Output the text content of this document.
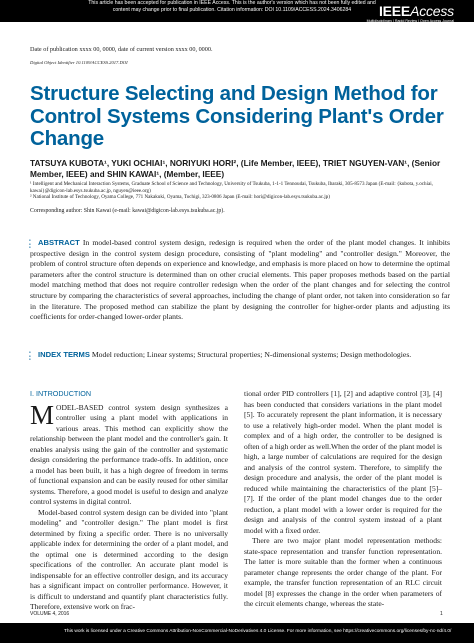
This article has been accepted for publication in IEEE Access. This is the author's version which has not been fully edited and
content may change prior to final publication. Citation information: DOI 10.1109/ACCESS.2024.3406284	IEEEAccess
Multidisciplinary | Rapid Review | Open Access Journal
Date of publication xxxx 00, 0000, date of current version xxxx 00, 0000.
Digital Object Identifier 10.1109/ACCESS.2017.DOI
Structure Selecting and Design Method for Control Systems Considering Plant's Order Change
TATSUYA KUBOTA¹, YUKI OCHIAI¹, NORIYUKI HORI², (Life Member, IEEE), TRIET NGUYEN-VAN¹, (Senior Member, IEEE) and SHIN KAWAI¹, (Member, IEEE)
¹ Intelligent and Mechanical Interaction Systems, Graduate School of Science and Technology, University of Tsukuba, 1-1-1 Tennoudai, Tsukuba, Ibaraki, 305-8573 Japan (E-mail: {kubota, y.ochiai, kawai}@digicon-lab.esys.tsukuba.ac.jp, nguyen@ieee.org)
² National Institute of Technology, Oyama College, 771 Nakakuki, Oyama, Tochigi, 323-0806 Japan (E-mail: hori@digicon-lab.esys.tsukuba.ac.jp)
Corresponding author: Shin Kawai (e-mail: kawai@digicon-lab.esys.tsukuba.ac.jp).
●
●
● ABSTRACT In model-based control system design, redesign is required when the order of the plant model changes. It inhibits prospective design in the control system design procedure, consisting of "plant modeling" and "controller design." Moreover, the problem of control structure often depends on experience and knowledge, and emphasis is more placed on how to determine the optimal parameters after the control structure is determined than on other crucial elements. This paper proposes methods based on the partial model matching method that does not require controller redesign when the order of the plant changes and for selecting the control structure by comparing the characteristics of several approaches, including the change of plant order, not taken into consideration so far in the literature. The proposed method can stabilize the plant by designing the controller for higher-order plants and adjusting its coefficients for order-changed lower-order plants.
●
●
● INDEX TERMS Model reduction; Linear systems; Structural properties; N-dimensional systems; Design methodologies.
I. INTRODUCTION
MODEL-BASED control system design synthesizes a controller using a plant model with applications in various areas. This method can explicitly show the relationship between the plant model and the controller's gain. It enables analysis using the gain of the controller and systematic design considering the performance trade-offs. In addition, once a model has been built, it has a high degree of freedom in terms of functional expansion and can be easily reused for other similar systems. Therefore, a good model is useful to design and analyze control systems in digital control.
Model-based control system design can be divided into "plant modeling" and "controller design." The plant model is first determined by fixing a specific order. There is no universally applicable index for determining the order of a plant model, and the optimal one is determined according to the design specifications of the controller. An accurate plant model is indispensable for an effective controller design, and its accuracy has a significant impact on controller performance. However, it is difficult to understand and quantify plant characteristics fully. Therefore, extensive work on frac-
tional order PID controllers [1], [2] and adaptive control [3], [4] has been conducted that considers variations in the plant model [5]. To accurately represent the plant information, it is necessary to use a relatively high-order model. When the plant model is complex and of a high order, the controller to be designed is often of a high order as well.When the order of the plant model is high, a large number of calculations are required for the design and analysis of the control system. Therefore, to simplify the design procedure and analysis, the order of the plant model is reduced while maintaining the characteristics of the plant [5]–[7]. If the order of the plant model changes due to the order reduction, a plant model with a lower order is required for the design and analysis of the control system instead of a plant model with a fixed order.
There are two major plant model representation methods: state-space representation and transfer function representation. The latter is more suitable than the former when a continuous parameter change represents the order change of the plant. For example, the transfer function representation of an RLC circuit model [8] expresses the change in the order when parameters of the circuit elements change, whereas the state-
VOLUME 4, 2016	1
This work is licensed under a Creative Commons Attribution-NonCommercial-NoDerivatives 4.0 License. For more information, see https://creativecommons.org/licenses/by-nc-nd/4.0/
